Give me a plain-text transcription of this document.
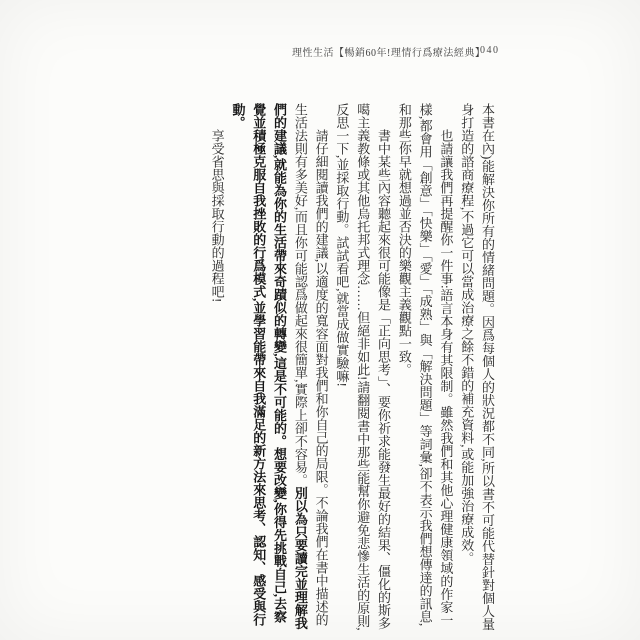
理性生活【暢銷60年!理情行爲療法經典】
040

本書在內)能解決你所有的情緒問題。因爲每個人的狀況都不同,所以書不可能代替針對個人量身打造的諮商療程,不過它可以當成治療之餘不錯的補充資料,或能加強治療成效。

也請讓我們再提醒你一件事:語言本身有其限制。雖然我們和其他心理健康領域的作家一樣,都會用「創意」「快樂」「愛」「成熟」與「解決問題」等詞彙,卻不表示我們想傳達的訊息,和那些你早就想過並否決的樂觀主義觀點一致。

書中某些內容聽起來很可能像是「正向思考」、要你祈求能發生最好的結果、僵化的斯多噶主義教條或其他烏托邦式理念……但絕非如此!請翻閱書中那些能幫你避免悲慘生活的原則,反思一下,並採取行動。試試看吧,就當成做實驗嘛!

請仔細閱讀我們的建議,以適度的寬容面對我們和你自己的局限。不論我們在書中描述的生活法則有多美好,而且你可能認爲做起來很簡單,實際上卻不容易。別以為只要讀完並理解我們的建議,就能為你的生活帶來奇蹟似的轉變,這是不可能的。想要改變,你得先挑戰自己,去察覺並積極克服自我挫敗的行爲模式,並學習能帶來自我滿足的新方法來思考、認知、感受與行動。

享受省思與採取行動的過程吧!
